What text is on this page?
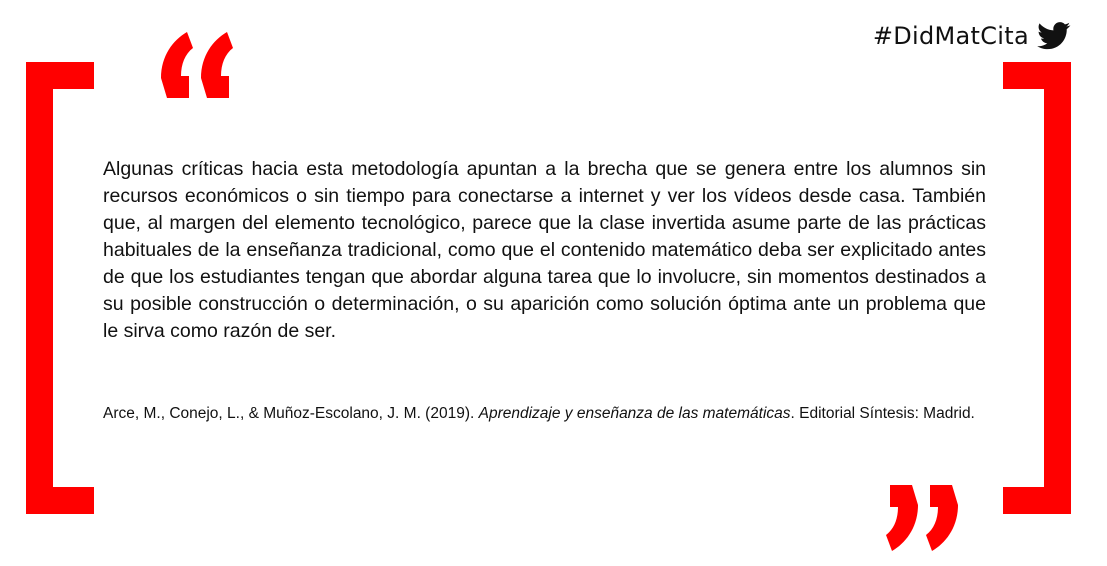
#DidMatCita

Algunas críticas hacia esta metodología apuntan a la brecha que se genera entre los alumnos sin recursos económicos o sin tiempo para conectarse a internet y ver los vídeos desde casa. También que, al margen del elemento tecnológico, parece que la clase invertida asume parte de las prácticas habituales de la enseñanza tradicional, como que el contenido matemático deba ser explicitado antes de que los estudiantes tengan que abordar alguna tarea que lo involucre, sin momentos destinados a su posible construcción o determinación, o su aparición como solución óptima ante un problema que le sirva como razón de ser.

Arce, M., Conejo, L., & Muñoz-Escolano, J. M. (2019). Aprendizaje y enseñanza de las matemáticas. Editorial Síntesis: Madrid.
